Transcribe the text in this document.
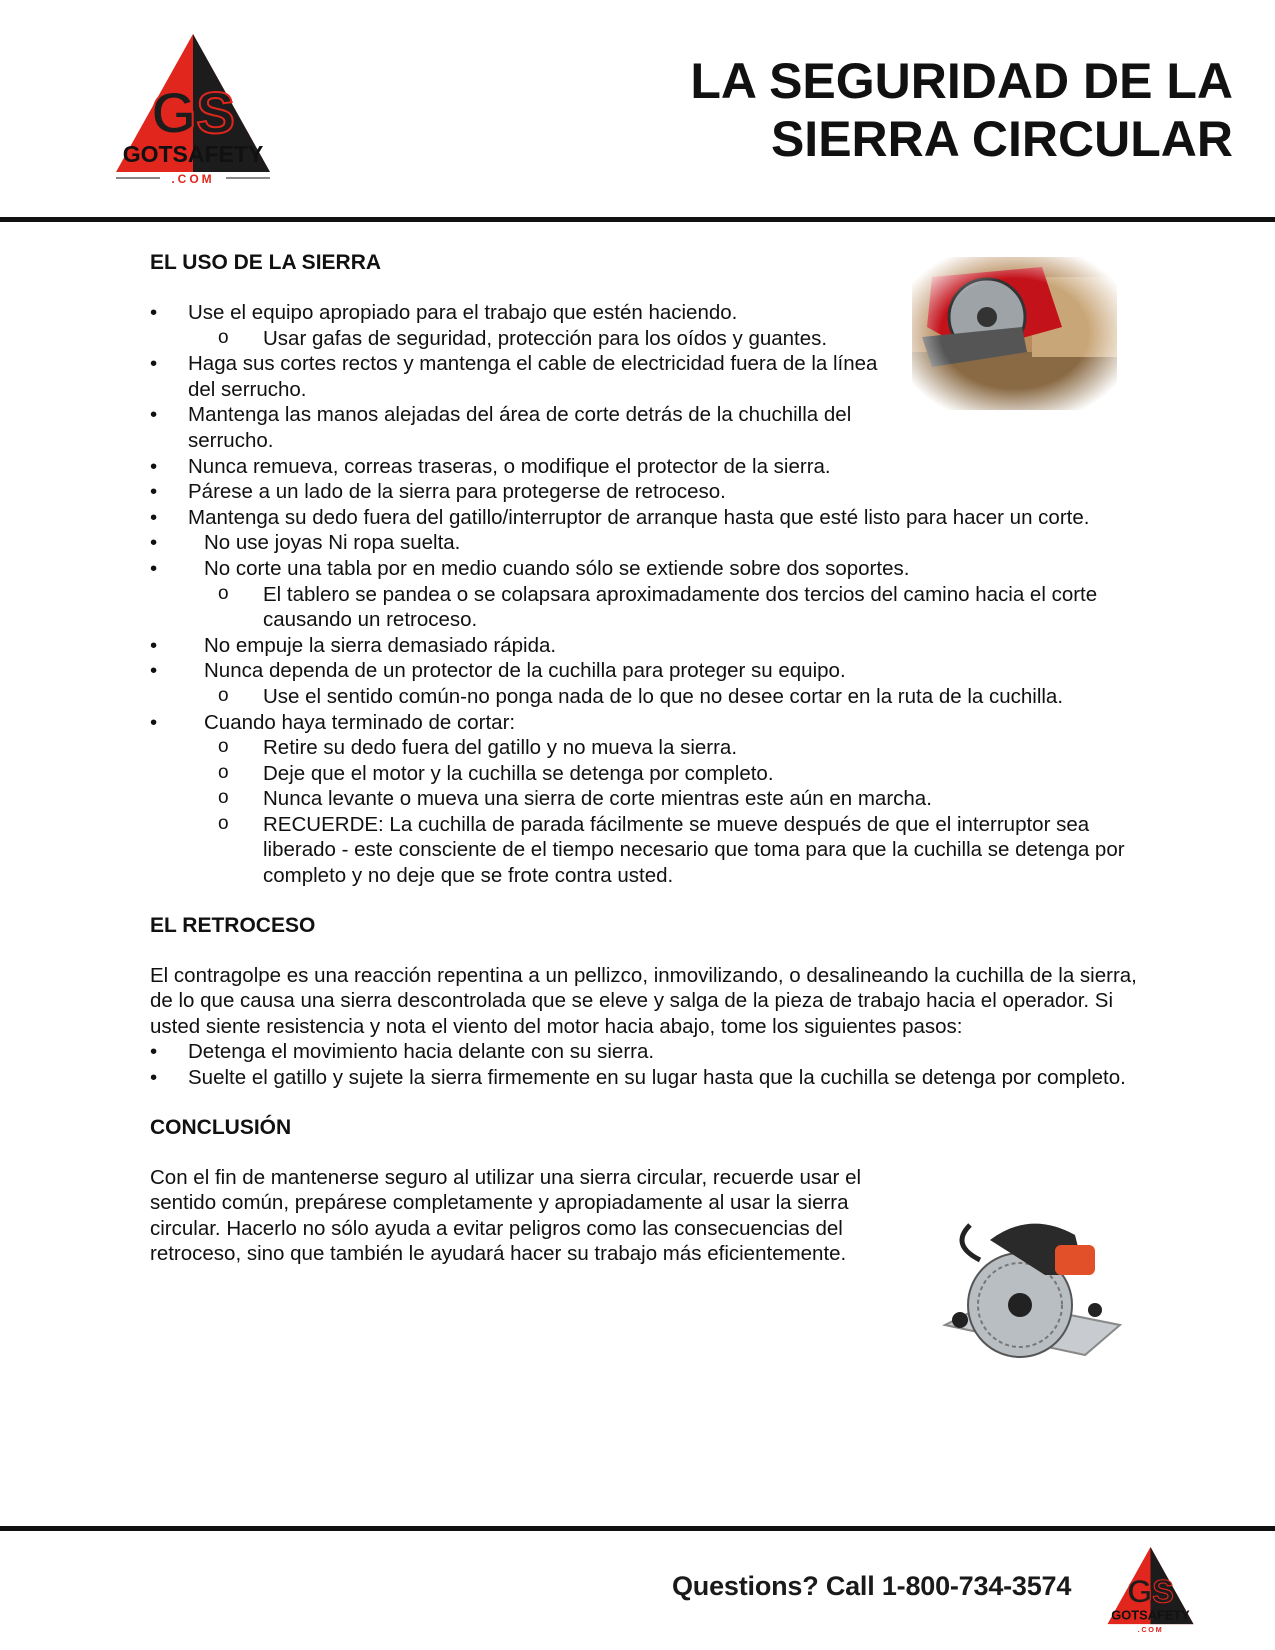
GS
GOTSAFETY
.COM
LA SEGURIDAD DE LA
SIERRA CIRCULAR
EL USO DE LA SIERRA
• Use el equipo apropiado para el trabajo que estén haciendo.
o Usar gafas de seguridad, protección para los oídos y guantes.
• Haga sus cortes rectos y mantenga el cable de electricidad fuera de la línea del serrucho.
• Mantenga las manos alejadas del área de corte detrás de la chuchilla del serrucho.
• Nunca remueva, correas traseras, o modifique el protector de la sierra.
• Párese a un lado de la sierra para protegerse de retroceso.
• Mantenga su dedo fuera del gatillo/interruptor de arranque hasta que esté listo para hacer un corte.
• No use joyas Ni ropa suelta.
• No corte una tabla por en medio cuando sólo se extiende sobre dos soportes.
o El tablero se pandea o se colapsara aproximadamente dos tercios del camino hacia el corte causando un retroceso.
• No empuje la sierra demasiado rápida.
• Nunca dependa de un protector de la cuchilla para proteger su equipo.
o Use el sentido común-no ponga nada de lo que no desee cortar en la ruta de la cuchilla.
• Cuando haya terminado de cortar:
o Retire su dedo fuera del gatillo y no mueva la sierra.
o Deje que el motor y la cuchilla se detenga por completo.
o Nunca levante o mueva una sierra de corte mientras este aún en marcha.
o RECUERDE: La cuchilla de parada fácilmente se mueve después de que el interruptor sea liberado - este consciente de el tiempo necesario que toma para que la cuchilla se detenga por completo y no deje que se frote contra usted.
EL RETROCESO

El contragolpe es una reacción repentina a un pellizco, inmovilizando, o desalineando la cuchilla de la sierra, de lo que causa una sierra descontrolada que se eleve y salga de la pieza de trabajo hacia el operador. Si usted siente resistencia y nota el viento del motor hacia abajo, tome los siguientes pasos:

• Detenga el movimiento hacia delante con su sierra.
• Suelte el gatillo y sujete la sierra firmemente en su lugar hasta que la cuchilla se detenga por completo.
CONCLUSIÓN

Con el fin de mantenerse seguro al utilizar una sierra circular, recuerde usar el sentido común, prepárese completamente y apropiadamente al usar la sierra circular. Hacerlo no sólo ayuda a evitar peligros como las consecuencias del retroceso, sino que también le ayudará hacer su trabajo más eficientemente.

Questions? Call 1-800-734-3574 GS
GOTSAFETY
.COM
